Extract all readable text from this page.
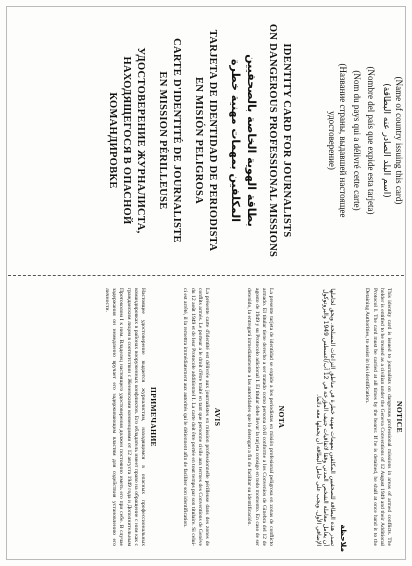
(Name of country issuing this card)
(اسم البلد الصادر عنه البطاقة)
(Nombre del país que expide esta tarjeta)
(Nom du pays qui a délivré cette carte)
(Название страны, выдавшей настоящее удостоверение)
IDENTITY CARD FOR JOURNALISTS
ON DANGEROUS PROFESSIONAL MISSIONS
بطاقة الهوية الخاصة بالصحفيين
المكلفين بمهمات مهنية خطرة
TARJETA DE IDENTIDAD DE PERIODISTA
EN MISIÓN PELIGROSA
CARTE D'IDENTITÉ DE JOURNALISTE
EN MISSION PÉRILLEUSE
УДОСТОВЕРЕНИЕ ЖУРНАЛИСТА,
НАХОДЯЩЕГОСЯ В ОПАСНОЙ
КОМАНДИРОВКЕ
NOTICE
This identity card is issued to journalists on dangerous professional missions in areas of armed conflicts. The holder is entitled to be treated as a civilian under the Geneva Conventions of 12 August 1949 and their Additional Protocol I. The card must be carried at all times by the bearer. If he is detained, he shall at once hand it to the Detaining Authorities, to assist in his identification.
ملاحظة
تصدر هذه البطاقة للصحفيين المكلفين بمهمات مهنية خطرة في مناطق النزاعات المسلحة. ويحق لحاملها أن يعامل معاملة الشخص المدني وفقا لاتفاقيات جنيف المؤرخة في 12 آب/أغسطس 1949 والبروتوكول الإضافي الأول. ويجب على حامل البطاقة أن يحملها معه دائما.
NOTA
La presente tarjeta de identidad se expide a los periodistas en misión profesional peligrosa en zonas de conflicto armado. El titular tiene derecho a ser tratado como persona civil conforme a los Convenios de Ginebra del 12 de agosto de 1949 y su Protocolo adicional I. El titular debe llevar la tarjeta consigo en todo momento. En caso de ser detenido, la entregará inmediatamente a las autoridades que lo detengan a fin de facilitar su identificación.
AVIS
La présente carte d'identité est délivrée aux journalistes en mission professionnelle périlleuse dans des zones de conflits armés. Le porteur a le droit d'être traité en tant que personne civile aux termes des Conventions de Genève du 12 août 1949 et de leur Protocole additionnel I. La carte doit être portée en tout temps par son titulaire. Si celui-ci est arrêté, il la remettra immédiatement aux autorités qui le détiennent afin de faciliter son identification.
ПРИМЕЧАНИЕ
Настоящее удостоверение выдается журналистам, находящимся в опасных профессиональных командировках в районах вооруженных конфликтов. Его обладатель имеет право на обращение с ним как с гражданским лицом в соответствии с Женевскими конвенциями от 12 августа 1949 года и Дополнительным Протоколом I к ним. Владелец настоящего удостоверения должен постоянно иметь его при себе. В случае задержания он немедленно вручает его задерживающим властям для содействия установлению его личности.
